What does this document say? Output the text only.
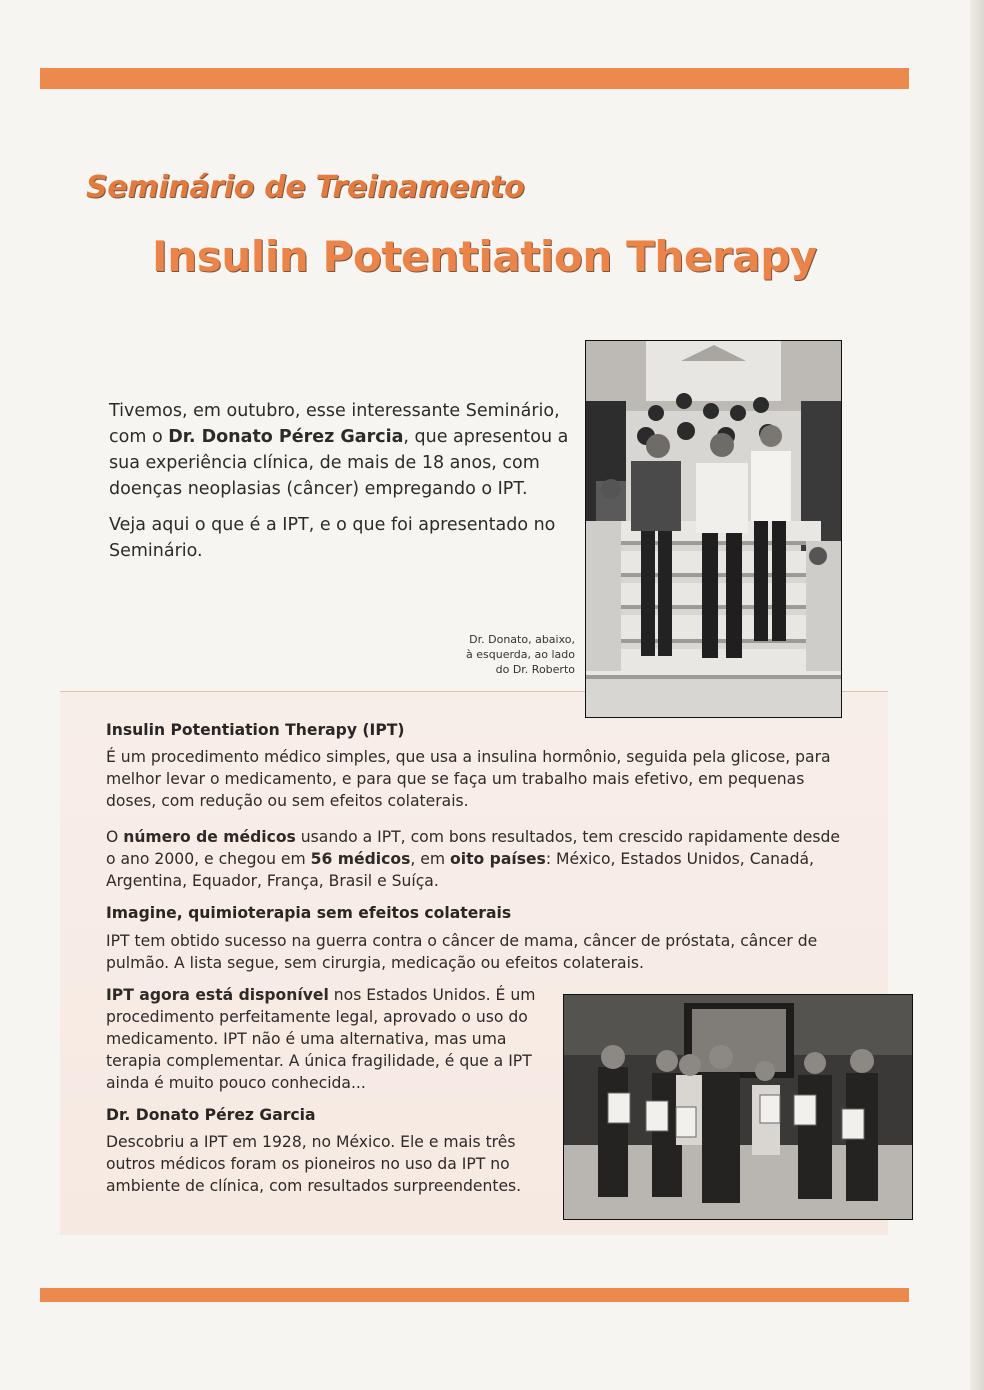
Seminário de Treinamento
Insulin Potentiation Therapy

Tivemos, em outubro, esse interessante Seminário, com o Dr. Donato Pérez Garcia, que apresentou a sua experiência clínica, de mais de 18 anos, com doenças neoplasias (câncer) empregando o IPT.

Veja aqui o que é a IPT, e o que foi apresentado no Seminário.

Dr. Donato, abaixo,
à esquerda, ao lado
do Dr. Roberto
Insulin Potentiation Therapy (IPT)

É um procedimento médico simples, que usa a insulina hormônio, seguida pela glicose, para melhor levar o medicamento, e para que se faça um trabalho mais efetivo, em pequenas doses, com redução ou sem efeitos colaterais.

O número de médicos usando a IPT, com bons resultados, tem crescido rapidamente desde o ano 2000, e chegou em 56 médicos, em oito países: México, Estados Unidos, Canadá, Argentina, Equador, França, Brasil e Suíça.

Imagine, quimioterapia sem efeitos colaterais

IPT tem obtido sucesso na guerra contra o câncer de mama, câncer de próstata, câncer de pulmão. A lista segue, sem cirurgia, medicação ou efeitos colaterais.

IPT agora está disponível nos Estados Unidos. É um procedimento perfeitamente legal, aprovado o uso do medicamento. IPT não é uma alternativa, mas uma terapia complementar. A única fragilidade, é que a IPT ainda é muito pouco conhecida...

Dr. Donato Pérez Garcia

Descobriu a IPT em 1928, no México. Ele e mais três outros médicos foram os pioneiros no uso da IPT no ambiente de clínica, com resultados surpreendentes.
